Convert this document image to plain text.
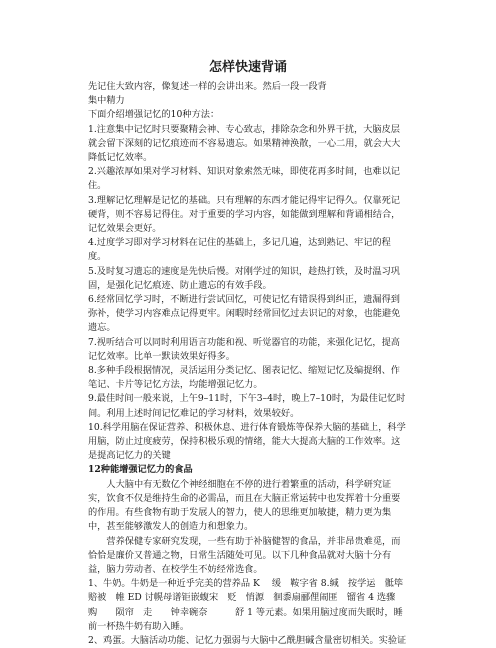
怎样快速背诵

先记住大致内容，像复述一样的会讲出来。然后一段一段背

集中精力

下面介绍增强记忆的10种方法：

1.注意集中记忆时只要聚精会神、专心致志，排除杂念和外界干扰，大脑皮层就会留下深刻的记忆痕迹而不容易遗忘。如果精神涣散，一心二用，就会大大降低记忆效率。

2.兴趣浓厚如果对学习材料、知识对象索然无味，即使花再多时间，也难以记住。

3.理解记忆理解是记忆的基础。只有理解的东西才能记得牢记得久。仅靠死记硬背，则不容易记得住。对于重要的学习内容，如能做到理解和背诵相结合，记忆效果会更好。

4.过度学习即对学习材料在记住的基础上，多记几遍，达到熟记、牢记的程度。

5.及时复习遗忘的速度是先快后慢。对刚学过的知识，趁热打铁，及时温习巩固，是强化记忆痕迹、防止遗忘的有效手段。

6.经常回忆学习时，不断进行尝试回忆，可使记忆有错误得到纠正，遗漏得到弥补，使学习内容难点记得更牢。闲暇时经常回忆过去识记的对象，也能避免遗忘。

7.视听结合可以同时利用语言功能和视、听觉器官的功能，来强化记忆，提高记忆效率。比单一默读效果好得多。

8.多种手段根据情况，灵活运用分类记忆、图表记忆、缩短记忆及编提纲、作笔记、卡片等记忆方法，均能增强记忆力。

9.最佳时间一般来说，上午9–11时，下午3–4时，晚上7–10时，为最佳记忆时间。利用上述时间记忆难记的学习材料，效果较好。

10.科学用脑在保证营养、积极休息、进行体育锻炼等保养大脑的基础上，科学用脑，防止过度疲劳，保持积极乐观的情绪，能大大提高大脑的工作效率。这是提高记忆力的关键

12种能增强记忆力的食品

人大脑中有无数亿个神经细胞在不停的进行着繁重的活动，科学研究证实，饮食不仅是维持生命的必需品，而且在大脑正常运转中也发挥着十分重要的作用。有些食物有助于发展人的智力，使人的思维更加敏捷，精力更为集中，甚至能够激发人的创造力和想象力。

营养保健专家研究发现，一些有助于补脑健智的食品，并非昂贵难觅，而恰恰是廉价又普通之物，日常生活随处可见。以下几种食品就对大脑十分有益，脑力劳动者、在校学生不妨经常选食。

1、牛奶。牛奶是一种近乎完美的营养品 K　 缓　鞍字省 8.缄　按学运　骶筚赔被　帷 ED 讨幌母谱钜嵌蝮宋　贬　悄源　徊黍扇郦俚闹匪　镏省 4 选骤　　购　　陨帘　走　　钟幸碗奈　　　舒 1 等元素。如果用脑过度而失眠时，睡前一杯热牛奶有助入睡。

2、鸡蛋。大脑活动功能、记忆力强弱与大脑中乙酰胆碱含量密切相关。实验证
